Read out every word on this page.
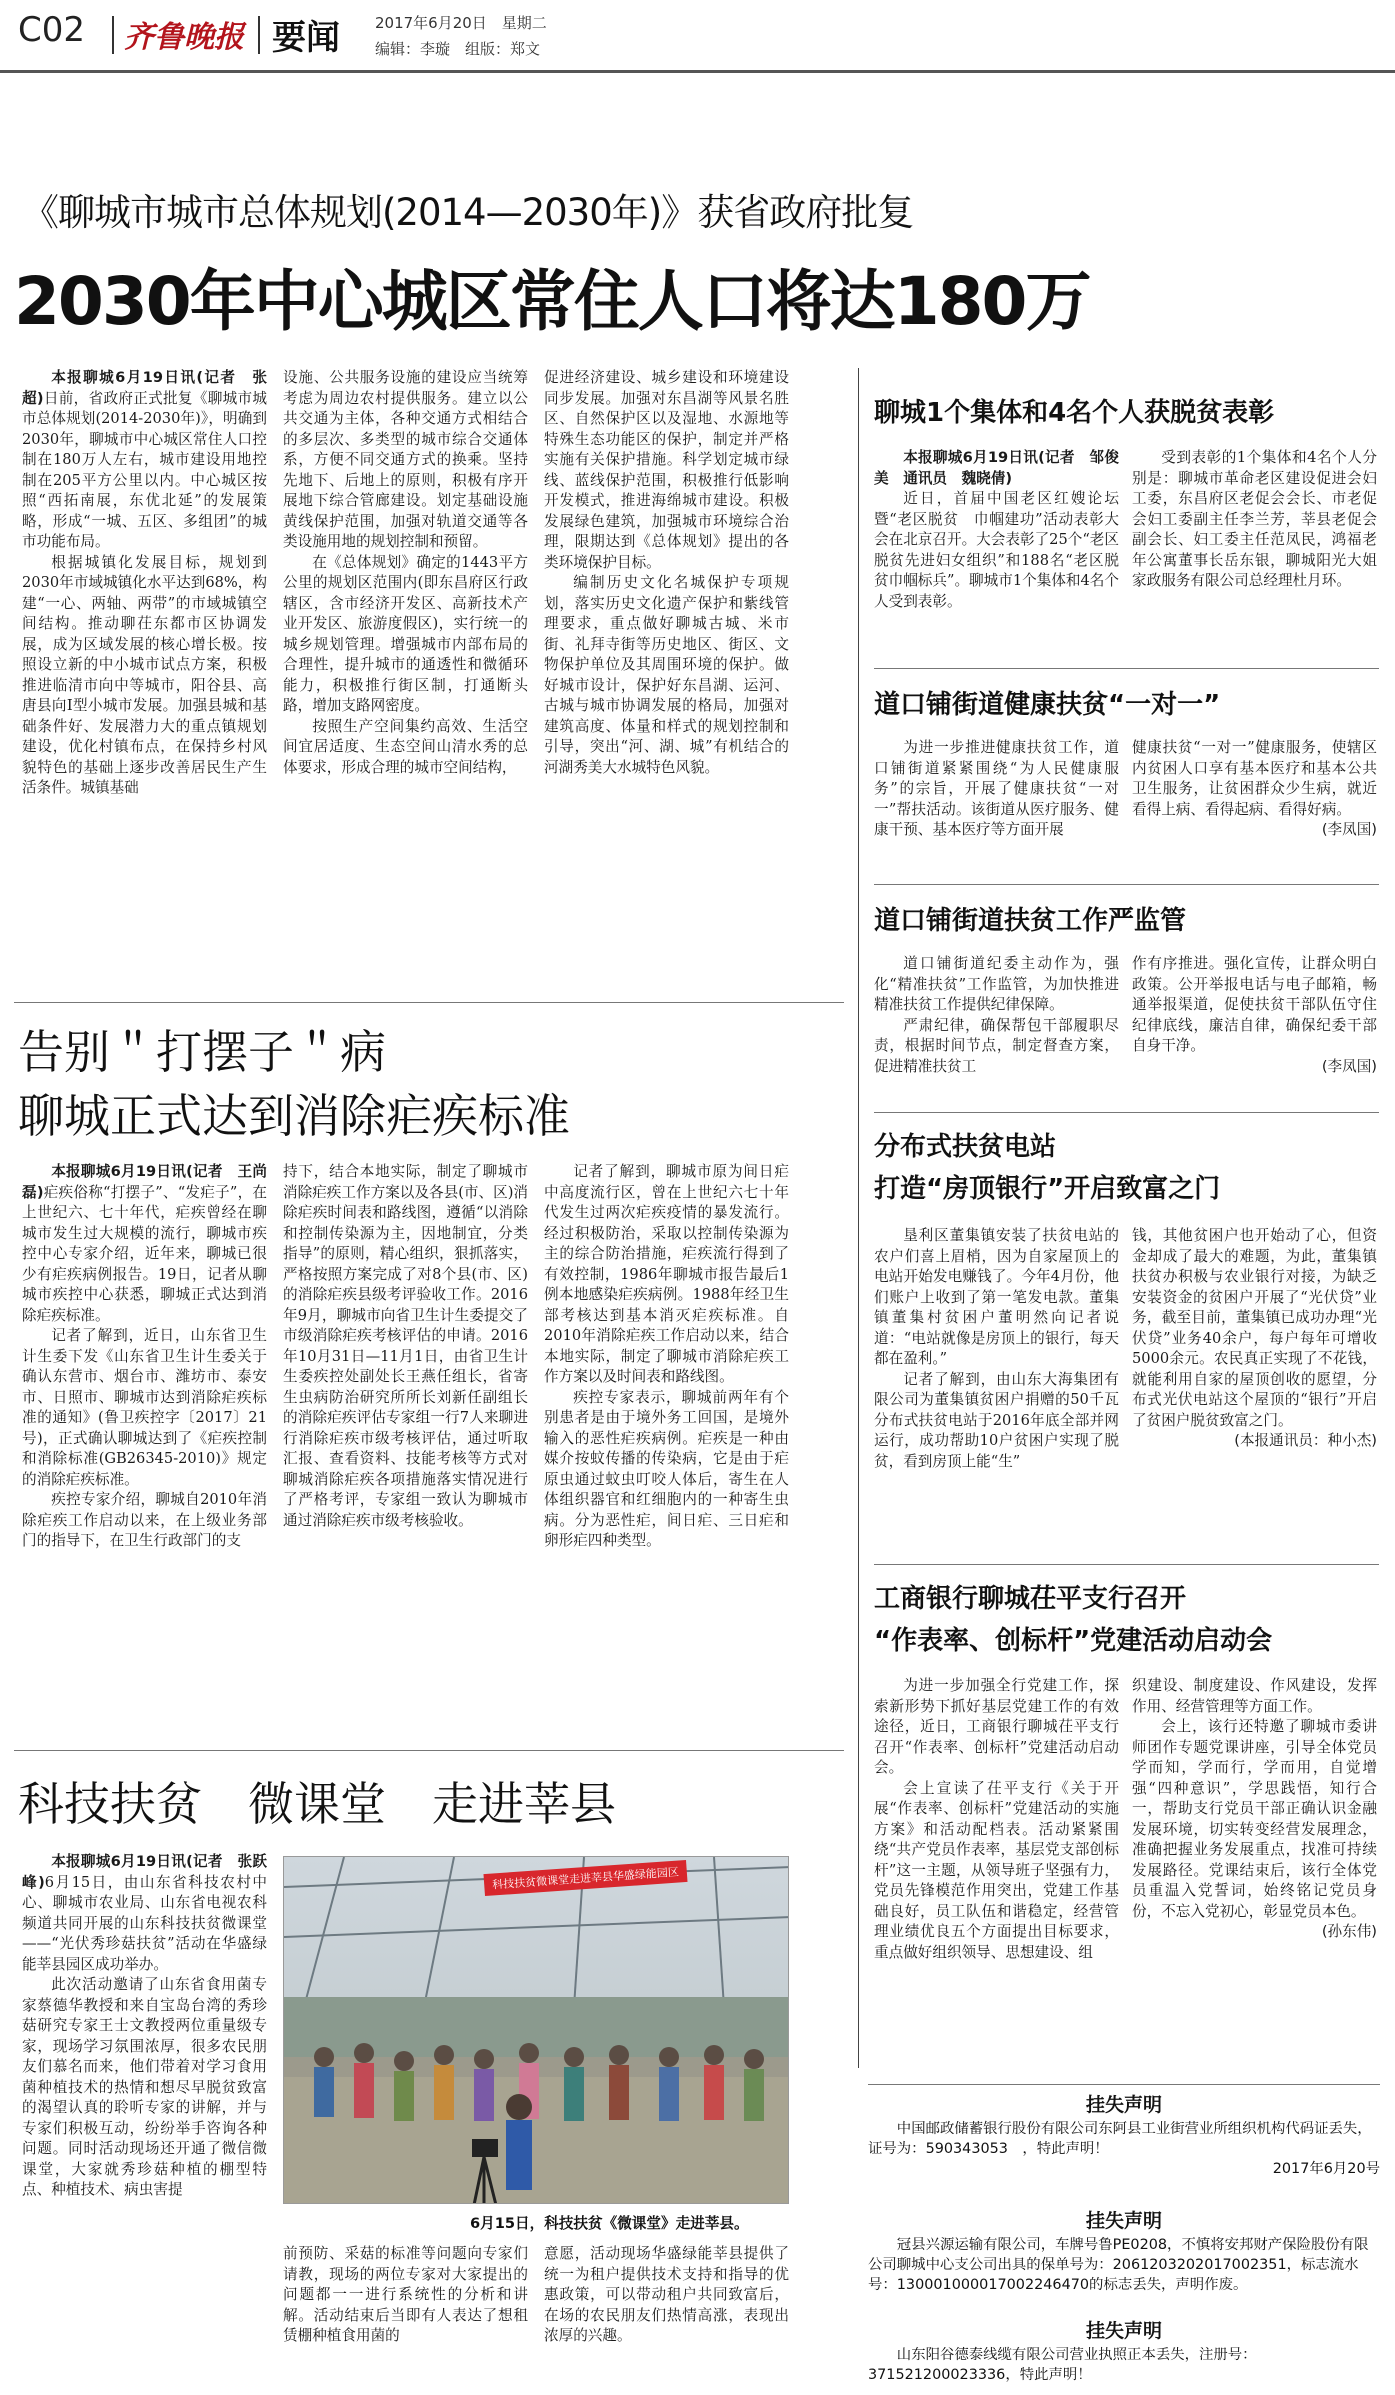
C02 齐鲁晚报 要闻 2017年6月20日　星期二
编辑：李璇　组版：郑文
《聊城市城市总体规划(2014—2030年)》获省政府批复
2030年中心城区常住人口将达180万

本报聊城6月19日讯(记者　张超)日前，省政府正式批复《聊城市城市总体规划(2014-2030年)》，明确到2030年，聊城市中心城区常住人口控制在180万人左右，城市建设用地控制在205平方公里以内。中心城区按照“西拓南展，东优北延”的发展策略，形成“一城、五区、多组团”的城市功能布局。

根据城镇化发展目标，规划到2030年市域城镇化水平达到68%，构建“一心、两轴、两带”的市域城镇空间结构。推动聊茌东都市区协调发展，成为区域发展的核心增长极。按照设立新的中小城市试点方案，积极推进临清市向中等城市，阳谷县、高唐县向Ⅰ型小城市发展。加强县城和基础条件好、发展潜力大的重点镇规划建设，优化村镇布点，在保持乡村风貌特色的基础上逐步改善居民生产生活条件。城镇基础

设施、公共服务设施的建设应当统筹考虑为周边农村提供服务。建立以公共交通为主体，各种交通方式相结合的多层次、多类型的城市综合交通体系，方便不同交通方式的换乘。坚持先地下、后地上的原则，积极有序开展地下综合管廊建设。划定基础设施黄线保护范围，加强对轨道交通等各类设施用地的规划控制和预留。

在《总体规划》确定的1443平方公里的规划区范围内(即东昌府区行政辖区，含市经济开发区、高新技术产业开发区、旅游度假区)，实行统一的城乡规划管理。增强城市内部布局的合理性，提升城市的通透性和微循环能力，积极推行街区制，打通断头路，增加支路网密度。

按照生产空间集约高效、生活空间宜居适度、生态空间山清水秀的总体要求，形成合理的城市空间结构，

促进经济建设、城乡建设和环境建设同步发展。加强对东昌湖等风景名胜区、自然保护区以及湿地、水源地等特殊生态功能区的保护，制定并严格实施有关保护措施。科学划定城市绿线、蓝线保护范围，积极推行低影响开发模式，推进海绵城市建设。积极发展绿色建筑，加强城市环境综合治理，限期达到《总体规划》提出的各类环境保护目标。

编制历史文化名城保护专项规划，落实历史文化遗产保护和紫线管理要求，重点做好聊城古城、米市街、礼拜寺街等历史地区、街区、文物保护单位及其周围环境的保护。做好城市设计，保护好东昌湖、运河、古城与城市协调发展的格局，加强对建筑高度、体量和样式的规划控制和引导，突出“河、湖、城”有机结合的河湖秀美大水城特色风貌。

聊城1个集体和4名个人获脱贫表彰

本报聊城6月19日讯(记者　邹俊美　通讯员　魏晓倩)

近日，首届中国老区红嫂论坛暨“老区脱贫　巾帼建功”活动表彰大会在北京召开。大会表彰了25个“老区脱贫先进妇女组织”和188名“老区脱贫巾帼标兵”。聊城市1个集体和4名个人受到表彰。

受到表彰的1个集体和4名个人分别是：聊城市革命老区建设促进会妇工委，东昌府区老促会会长、市老促会妇工委副主任李兰芳，莘县老促会副会长、妇工委主任范凤民，鸿福老年公寓董事长岳东银，聊城阳光大姐家政服务有限公司总经理杜月环。

道口铺街道健康扶贫“一对一”

为进一步推进健康扶贫工作，道口铺街道紧紧围绕“为人民健康服务”的宗旨，开展了健康扶贫“一对一”帮扶活动。该街道从医疗服务、健康干预、基本医疗等方面开展

健康扶贫“一对一”健康服务，使辖区内贫困人口享有基本医疗和基本公共卫生服务，让贫困群众少生病，就近看得上病、看得起病、看得好病。

(李凤国)

道口铺街道扶贫工作严监管

道口铺街道纪委主动作为，强化“精准扶贫”工作监管，为加快推进精准扶贫工作提供纪律保障。

严肃纪律，确保帮包干部履职尽责，根据时间节点，制定督查方案，促进精准扶贫工

作有序推进。强化宣传，让群众明白政策。公开举报电话与电子邮箱，畅通举报渠道，促使扶贫干部队伍守住纪律底线，廉洁自律，确保纪委干部自身干净。

(李凤国)

告别＂打摆子＂病
聊城正式达到消除疟疾标准

本报聊城6月19日讯(记者　王尚磊)疟疾俗称“打摆子”、“发疟子”，在上世纪六、七十年代，疟疾曾经在聊城市发生过大规模的流行，聊城市疾控中心专家介绍，近年来，聊城已很少有疟疾病例报告。19日，记者从聊城市疾控中心获悉，聊城正式达到消除疟疾标准。

记者了解到，近日，山东省卫生计生委下发《山东省卫生计生委关于确认东营市、烟台市、潍坊市、泰安市、日照市、聊城市达到消除疟疾标准的通知》(鲁卫疾控字〔2017〕21号)，正式确认聊城达到了《疟疾控制和消除标准(GB26345-2010)》规定的消除疟疾标准。

疾控专家介绍，聊城自2010年消除疟疾工作启动以来，在上级业务部门的指导下，在卫生行政部门的支

持下，结合本地实际，制定了聊城市消除疟疾工作方案以及各县(市、区)消除疟疾时间表和路线图，遵循“以消除和控制传染源为主，因地制宜，分类指导”的原则，精心组织，狠抓落实，严格按照方案完成了对8个县(市、区)的消除疟疾县级考评验收工作。2016年9月，聊城市向省卫生计生委提交了市级消除疟疾考核评估的申请。2016年10月31日—11月1日，由省卫生计生委疾控处副处长王燕任组长，省寄生虫病防治研究所所长刘新任副组长的消除疟疾评估专家组一行7人来聊进行消除疟疾市级考核评估，通过听取汇报、查看资料、技能考核等方式对聊城消除疟疾各项措施落实情况进行了严格考评，专家组一致认为聊城市通过消除疟疾市级考核验收。

记者了解到，聊城市原为间日疟中高度流行区，曾在上世纪六七十年代发生过两次疟疾疫情的暴发流行。经过积极防治，采取以控制传染源为主的综合防治措施，疟疾流行得到了有效控制，1986年聊城市报告最后1例本地感染疟疾病例。1988年经卫生部考核达到基本消灭疟疾标准。自2010年消除疟疾工作启动以来，结合本地实际，制定了聊城市消除疟疾工作方案以及时间表和路线图。

疾控专家表示，聊城前两年有个别患者是由于境外务工回国，是境外输入的恶性疟疾病例。疟疾是一种由媒介按蚊传播的传染病，它是由于疟原虫通过蚊虫叮咬人体后，寄生在人体组织器官和红细胞内的一种寄生虫病。分为恶性疟，间日疟、三日疟和卵形疟四种类型。

分布式扶贫电站
打造“房顶银行”开启致富之门

垦利区董集镇安装了扶贫电站的农户们喜上眉梢，因为自家屋顶上的电站开始发电赚钱了。今年4月份，他们账户上收到了第一笔发电款。董集镇董集村贫困户董明然向记者说道：“电站就像是房顶上的银行，每天都在盈利。”

记者了解到，由山东大海集团有限公司为董集镇贫困户捐赠的50千瓦分布式扶贫电站于2016年底全部并网运行，成功帮助10户贫困户实现了脱贫，看到房顶上能“生”

钱，其他贫困户也开始动了心，但资金却成了最大的难题，为此，董集镇扶贫办积极与农业银行对接，为缺乏安装资金的贫困户开展了“光伏贷”业务，截至目前，董集镇已成功办理“光伏贷”业务40余户，每户每年可增收5000余元。农民真正实现了不花钱，就能利用自家的屋顶创收的愿望，分布式光伏电站这个屋顶的“银行”开启了贫困户脱贫致富之门。

(本报通讯员：种小杰)

工商银行聊城茌平支行召开
“作表率、创标杆”党建活动启动会

为进一步加强全行党建工作，探索新形势下抓好基层党建工作的有效途径，近日，工商银行聊城茌平支行召开“作表率、创标杆”党建活动启动会。

会上宣读了茌平支行《关于开展“作表率、创标杆”党建活动的实施方案》和活动配档表。活动紧紧围绕“共产党员作表率，基层党支部创标杆”这一主题，从领导班子坚强有力，党员先锋模范作用突出，党建工作基础良好，员工队伍和谐稳定，经营管理业绩优良五个方面提出目标要求，重点做好组织领导、思想建设、组

织建设、制度建设、作风建设，发挥作用、经营管理等方面工作。

会上，该行还特邀了聊城市委讲师团作专题党课讲座，引导全体党员学而知，学而行，学而用，自觉增强“四种意识”，学思践悟，知行合一，帮助支行党员干部正确认识金融发展环境，切实转变经营发展理念，准确把握业务发展重点，找准可持续发展路径。党课结束后，该行全体党员重温入党誓词，始终铭记党员身份，不忘入党初心，彰显党员本色。

(孙东伟)

科技扶贫　微课堂　走进莘县

本报聊城6月19日讯(记者　张跃峰)6月15日，由山东省科技农村中心、聊城市农业局、山东省电视农科频道共同开展的山东科技扶贫微课堂——“光伏秀珍菇扶贫”活动在华盛绿能莘县园区成功举办。

此次活动邀请了山东省食用菌专家蔡德华教授和来自宝岛台湾的秀珍菇研究专家王士文教授两位重量级专家，现场学习氛围浓厚，很多农民朋友们慕名而来，他们带着对学习食用菌种植技术的热情和想尽早脱贫致富的渴望认真的聆听专家的讲解，并与专家们积极互动，纷纷举手咨询各种问题。同时活动现场还开通了微信微课堂，大家就秀珍菇种植的棚型特点、种植技术、病虫害提

科技扶贫微课堂走进莘县华盛绿能园区
6月15日，科技扶贫《微课堂》走进莘县。

前预防、采菇的标准等问题向专家们请教，现场的两位专家对大家提出的问题都一一进行系统性的分析和讲解。活动结束后当即有人表达了想租赁棚种植食用菌的

意愿，活动现场华盛绿能莘县提供了统一为租户提供技术支持和指导的优惠政策，可以带动租户共同致富后，在场的农民朋友们热情高涨，表现出浓厚的兴趣。

挂失声明
中国邮政储蓄银行股份有限公司东阿县工业街营业所组织机构代码证丢失，证号为：590343053　，特此声明！
2017年6月20号
挂失声明
冠县兴源运输有限公司，车牌号鲁PE0208，不慎将安邦财产保险股份有限公司聊城中心支公司出具的保单号为：2061203202017002351，标志流水号：130001000017002246470的标志丢失，声明作废。
挂失声明
山东阳谷德泰线缆有限公司营业执照正本丢失，注册号：371521200023336，特此声明！
